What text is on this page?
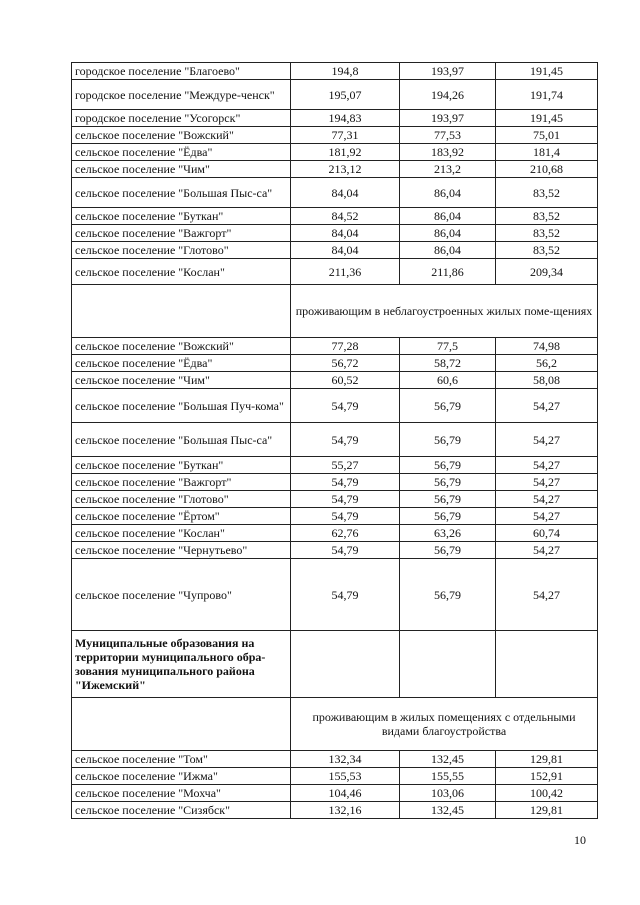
городское поселение "Благоево"	194,8	193,97	191,45
городское поселение "Междуре-ченск"	195,07	194,26	191,74
городское поселение "Усогорск"	194,83	193,97	191,45
сельское поселение "Вожский"	77,31	77,53	75,01
сельское поселение "Ёдва"	181,92	183,92	181,4
сельское поселение "Чим"	213,12	213,2	210,68
сельское поселение "Большая Пыс-са"	84,04	86,04	83,52
сельское поселение "Буткан"	84,52	86,04	83,52
сельское поселение "Важгорт"	84,04	86,04	83,52
сельское поселение "Глотово"	84,04	86,04	83,52
сельское поселение "Кослан"	211,36	211,86	209,34
	проживающим в неблагоустроенных жилых поме-щениях		
сельское поселение "Вожский"	77,28	77,5	74,98
сельское поселение "Ёдва"	56,72	58,72	56,2
сельское поселение "Чим"	60,52	60,6	58,08
сельское поселение "Большая Пуч-кома"	54,79	56,79	54,27
сельское поселение "Большая Пыс-са"	54,79	56,79	54,27
сельское поселение "Буткан"	55,27	56,79	54,27
сельское поселение "Важгорт"	54,79	56,79	54,27
сельское поселение "Глотово"	54,79	56,79	54,27
сельское поселение "Ёртом"	54,79	56,79	54,27
сельское поселение "Кослан"	62,76	63,26	60,74
сельское поселение "Чернутьево"	54,79	56,79	54,27
сельское поселение "Чупрово"	54,79	56,79	54,27
Муниципальные образования на территории муниципального обра-зования муниципального района "Ижемский"			
	проживающим в жилых помещениях с отдельными видами благоустройства		
сельское поселение "Том"	132,34	132,45	129,81
сельское поселение "Ижма"	155,53	155,55	152,91
сельское поселение "Мохча"	104,46	103,06	100,42
сельское поселение "Сизябск"	132,16	132,45	129,81
10
